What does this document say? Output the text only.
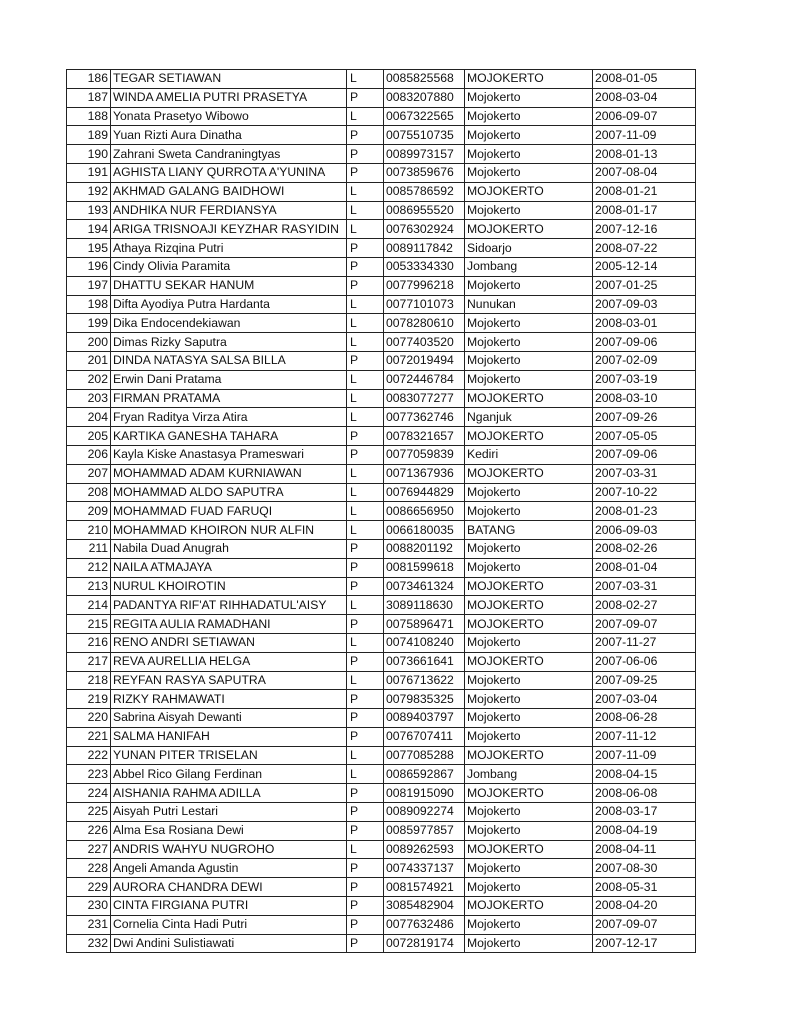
186	TEGAR SETIAWAN	L	0085825568	MOJOKERTO	2008-01-05
187	WINDA AMELIA PUTRI PRASETYA	P	0083207880	Mojokerto	2008-03-04
188	Yonata Prasetyo Wibowo	L	0067322565	Mojokerto	2006-09-07
189	Yuan Rizti Aura Dinatha	P	0075510735	Mojokerto	2007-11-09
190	Zahrani Sweta Candraningtyas	P	0089973157	Mojokerto	2008-01-13
191	AGHISTA LIANY QURROTA A'YUNINA	P	0073859676	Mojokerto	2007-08-04
192	AKHMAD GALANG BAIDHOWI	L	0085786592	MOJOKERTO	2008-01-21
193	ANDHIKA NUR FERDIANSYA	L	0086955520	Mojokerto	2008-01-17
194	ARIGA TRISNOAJI KEYZHAR RASYIDIN	L	0076302924	MOJOKERTO	2007-12-16
195	Athaya Rizqina Putri	P	0089117842	Sidoarjo	2008-07-22
196	Cindy Olivia Paramita	P	0053334330	Jombang	2005-12-14
197	DHATTU SEKAR HANUM	P	0077996218	Mojokerto	2007-01-25
198	Difta Ayodiya Putra Hardanta	L	0077101073	Nunukan	2007-09-03
199	Dika Endocendekiawan	L	0078280610	Mojokerto	2008-03-01
200	Dimas Rizky Saputra	L	0077403520	Mojokerto	2007-09-06
201	DINDA NATASYA SALSA BILLA	P	0072019494	Mojokerto	2007-02-09
202	Erwin Dani Pratama	L	0072446784	Mojokerto	2007-03-19
203	FIRMAN PRATAMA	L	0083077277	MOJOKERTO	2008-03-10
204	Fryan Raditya Virza Atira	L	0077362746	Nganjuk	2007-09-26
205	KARTIKA GANESHA TAHARA	P	0078321657	MOJOKERTO	2007-05-05
206	Kayla Kiske Anastasya Prameswari	P	0077059839	Kediri	2007-09-06
207	MOHAMMAD ADAM KURNIAWAN	L	0071367936	MOJOKERTO	2007-03-31
208	MOHAMMAD ALDO SAPUTRA	L	0076944829	Mojokerto	2007-10-22
209	MOHAMMAD FUAD FARUQI	L	0086656950	Mojokerto	2008-01-23
210	MOHAMMAD KHOIRON NUR ALFIN	L	0066180035	BATANG	2006-09-03
211	Nabila Duad Anugrah	P	0088201192	Mojokerto	2008-02-26
212	NAILA ATMAJAYA	P	0081599618	Mojokerto	2008-01-04
213	NURUL KHOIROTIN	P	0073461324	MOJOKERTO	2007-03-31
214	PADANTYA RIF'AT RIHHADATUL'AISY	L	3089118630	MOJOKERTO	2008-02-27
215	REGITA AULIA RAMADHANI	P	0075896471	MOJOKERTO	2007-09-07
216	RENO ANDRI SETIAWAN	L	0074108240	Mojokerto	2007-11-27
217	REVA AURELLIA HELGA	P	0073661641	MOJOKERTO	2007-06-06
218	REYFAN RASYA SAPUTRA	L	0076713622	Mojokerto	2007-09-25
219	RIZKY RAHMAWATI	P	0079835325	Mojokerto	2007-03-04
220	Sabrina Aisyah Dewanti	P	0089403797	Mojokerto	2008-06-28
221	SALMA HANIFAH	P	0076707411	Mojokerto	2007-11-12
222	YUNAN PITER TRISELAN	L	0077085288	MOJOKERTO	2007-11-09
223	Abbel Rico Gilang Ferdinan	L	0086592867	Jombang	2008-04-15
224	AISHANIA RAHMA ADILLA	P	0081915090	MOJOKERTO	2008-06-08
225	Aisyah Putri Lestari	P	0089092274	Mojokerto	2008-03-17
226	Alma Esa Rosiana Dewi	P	0085977857	Mojokerto	2008-04-19
227	ANDRIS WAHYU NUGROHO	L	0089262593	MOJOKERTO	2008-04-11
228	Angeli Amanda Agustin	P	0074337137	Mojokerto	2007-08-30
229	AURORA CHANDRA DEWI	P	0081574921	Mojokerto	2008-05-31
230	CINTA FIRGIANA PUTRI	P	3085482904	MOJOKERTO	2008-04-20
231	Cornelia Cinta Hadi Putri	P	0077632486	Mojokerto	2007-09-07
232	Dwi Andini Sulistiawati	P	0072819174	Mojokerto	2007-12-17
